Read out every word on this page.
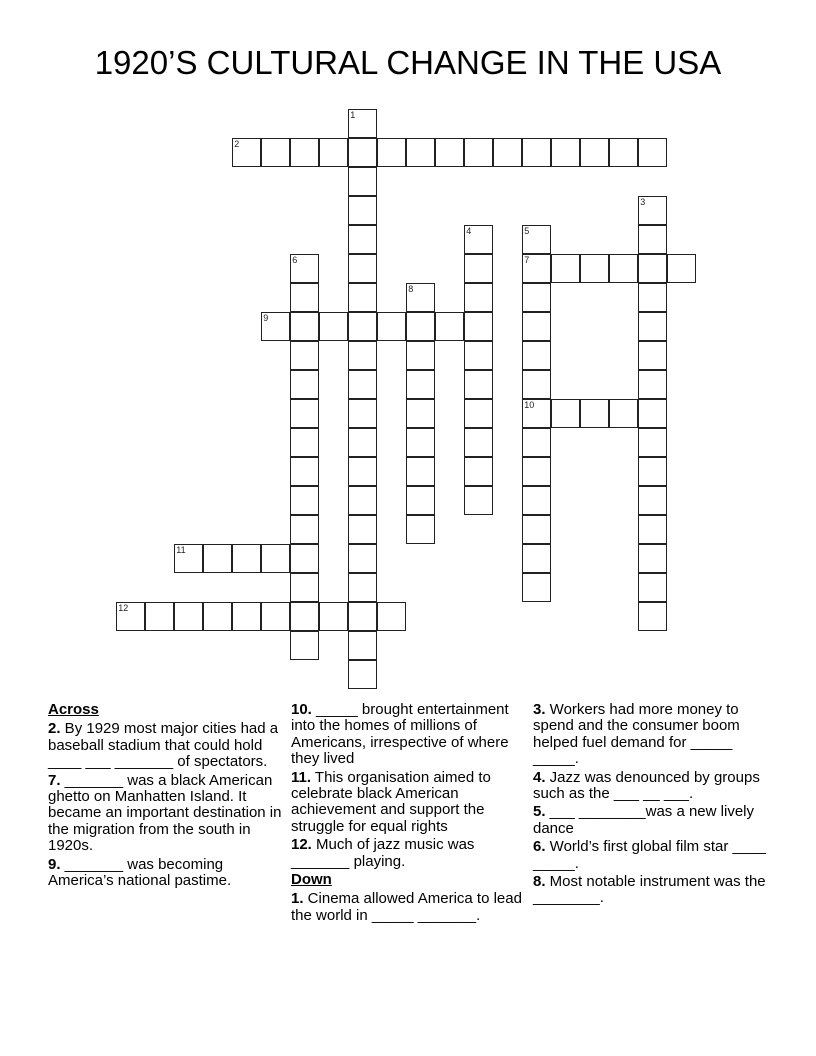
1920’S CULTURAL CHANGE IN THE USA
1
2
3
4	5
7
10
6
8
9
11
12
Across
2. By 1929 most major cities had a baseball stadium that could hold ____ ___ _______ of spectators.
7. _______ was a black American ghetto on Manhatten Island. It became an important destination in the migration from the south in 1920s.
9. _______ was becoming America’s national pastime.
10. _____ brought entertainment into the homes of millions of Americans, irrespective of where they lived
11. This organisation aimed to celebrate black American achievement and support the struggle for equal rights
12. Much of jazz music was _______ playing.
Down
1. Cinema allowed America to lead the world in _____ _______.
3. Workers had more money to spend and the consumer boom helped fuel demand for _____ _____.
4. Jazz was denounced by groups such as the ___ __ ___.
5. ___ ________was a new lively dance
6. World’s first global film star ____ _____.
8. Most notable instrument was the ________.
